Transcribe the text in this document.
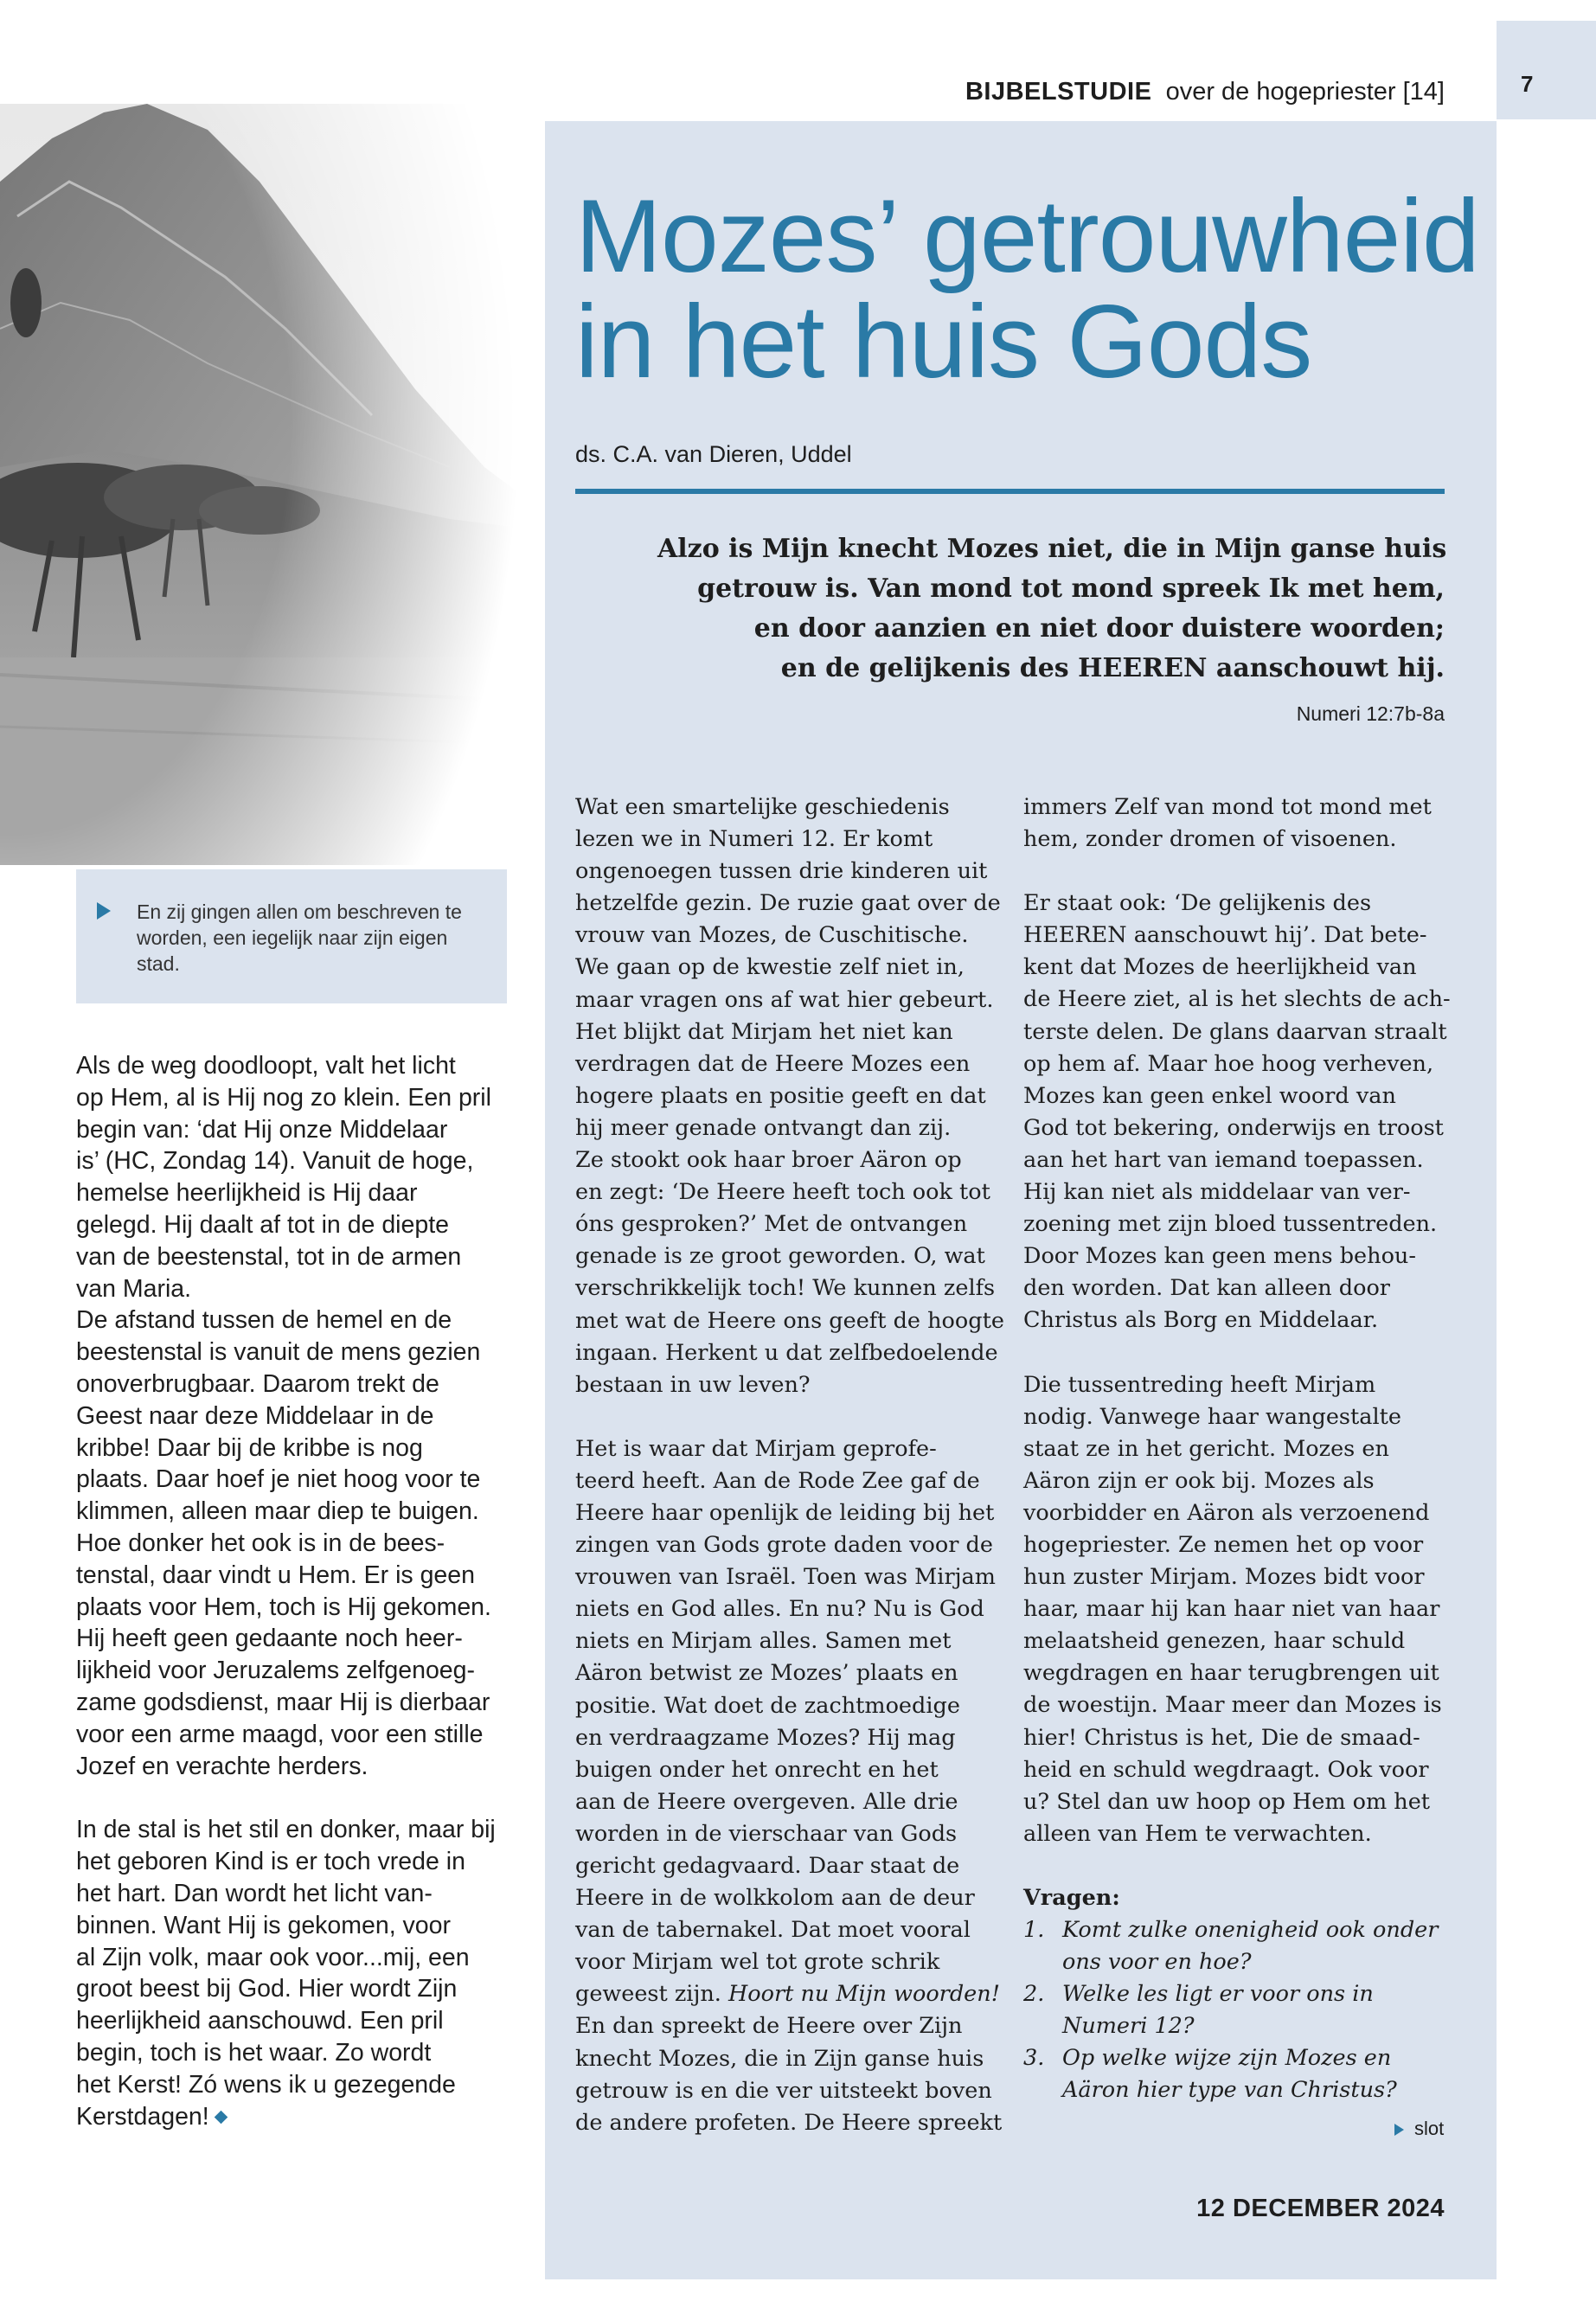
7
BIJBELSTUDIE over de hogepriester [14]
Mozes’ getrouwheid
in het huis Gods
ds. C.A. van Dieren, Uddel
Alzo is Mijn knecht Mozes niet, die in Mijn ganse huis
getrouw is. Van mond tot mond spreek Ik met hem,
en door aanzien en niet door duistere woorden;
en de gelijkenis des HEEREN aanschouwt hij.
Numeri 12:7b-8a
En zij gingen allen om beschreven te worden, een iegelijk naar zijn eigen stad.
Als de weg doodloopt, valt het licht
op Hem, al is Hij nog zo klein. Een pril
begin van: ‘dat Hij onze Middelaar
is’ (HC, Zondag 14). Vanuit de hoge,
hemelse heerlijkheid is Hij daar
gelegd. Hij daalt af tot in de diepte
van de beestenstal, tot in de armen
van Maria.
De afstand tussen de hemel en de
beestenstal is vanuit de mens gezien
onoverbrugbaar. Daarom trekt de
Geest naar deze Middelaar in de
kribbe! Daar bij de kribbe is nog
plaats. Daar hoef je niet hoog voor te
klimmen, alleen maar diep te buigen.
Hoe donker het ook is in de bees-
tenstal, daar vindt u Hem. Er is geen
plaats voor Hem, toch is Hij gekomen.
Hij heeft geen gedaante noch heer-
lijkheid voor Jeruzalems zelfgenoeg-
zame godsdienst, maar Hij is dierbaar
voor een arme maagd, voor een stille
Jozef en verachte herders.
In de stal is het stil en donker, maar bij
het geboren Kind is er toch vrede in
het hart. Dan wordt het licht van-
binnen. Want Hij is gekomen, voor
al Zijn volk, maar ook voor...mij, een
groot beest bij God. Hier wordt Zijn
heerlijkheid aanschouwd. Een pril
begin, toch is het waar. Zo wordt
het Kerst! Zó wens ik u gezegende
Kerstdagen!
Wat een smartelijke geschiedenis
lezen we in Numeri 12. Er komt
ongenoegen tussen drie kinderen uit
hetzelfde gezin. De ruzie gaat over de
vrouw van Mozes, de Cuschitische.
We gaan op de kwestie zelf niet in,
maar vragen ons af wat hier gebeurt.
Het blijkt dat Mirjam het niet kan
verdragen dat de Heere Mozes een
hogere plaats en positie geeft en dat
hij meer genade ontvangt dan zij.
Ze stookt ook haar broer Aäron op
en zegt: ‘De Heere heeft toch ook tot
óns gesproken?’ Met de ontvangen
genade is ze groot geworden. O, wat
verschrikkelijk toch! We kunnen zelfs
met wat de Heere ons geeft de hoogte
ingaan. Herkent u dat zelfbedoelende
bestaan in uw leven?
Het is waar dat Mirjam geprofe-
teerd heeft. Aan de Rode Zee gaf de
Heere haar openlijk de leiding bij het
zingen van Gods grote daden voor de
vrouwen van Israël. Toen was Mirjam
niets en God alles. En nu? Nu is God
niets en Mirjam alles. Samen met
Aäron betwist ze Mozes’ plaats en
positie. Wat doet de zachtmoedige
en verdraagzame Mozes? Hij mag
buigen onder het onrecht en het
aan de Heere overgeven. Alle drie
worden in de vierschaar van Gods
gericht gedagvaard. Daar staat de
Heere in de wolkkolom aan de deur
van de tabernakel. Dat moet vooral
voor Mirjam wel tot grote schrik
geweest zijn. Hoort nu Mijn woorden!
En dan spreekt de Heere over Zijn
knecht Mozes, die in Zijn ganse huis
getrouw is en die ver uitsteekt boven
de andere profeten. De Heere spreekt
immers Zelf van mond tot mond met
hem, zonder dromen of visoenen.
Er staat ook: ‘De gelijkenis des
HEEREN aanschouwt hij’. Dat bete-
kent dat Mozes de heerlijkheid van
de Heere ziet, al is het slechts de ach-
terste delen. De glans daarvan straalt
op hem af. Maar hoe hoog verheven,
Mozes kan geen enkel woord van
God tot bekering, onderwijs en troost
aan het hart van iemand toepassen.
Hij kan niet als middelaar van ver-
zoening met zijn bloed tussentreden.
Door Mozes kan geen mens behou-
den worden. Dat kan alleen door
Christus als Borg en Middelaar.
Die tussentreding heeft Mirjam
nodig. Vanwege haar wangestalte
staat ze in het gericht. Mozes en
Aäron zijn er ook bij. Mozes als
voorbidder en Aäron als verzoenend
hogepriester. Ze nemen het op voor
hun zuster Mirjam. Mozes bidt voor
haar, maar hij kan haar niet van haar
melaatsheid genezen, haar schuld
wegdragen en haar terugbrengen uit
de woestijn. Maar meer dan Mozes is
hier! Christus is het, Die de smaad-
heid en schuld wegdraagt. Ook voor
u? Stel dan uw hoop op Hem om het
alleen van Hem te verwachten.
Vragen:
1. Komt zulke onenigheid ook onder
ons voor en hoe?
2. Welke les ligt er voor ons in
Numeri 12?
3. Op welke wijze zijn Mozes en
Aäron hier type van Christus?
slot
12 DECEMBER 2024
